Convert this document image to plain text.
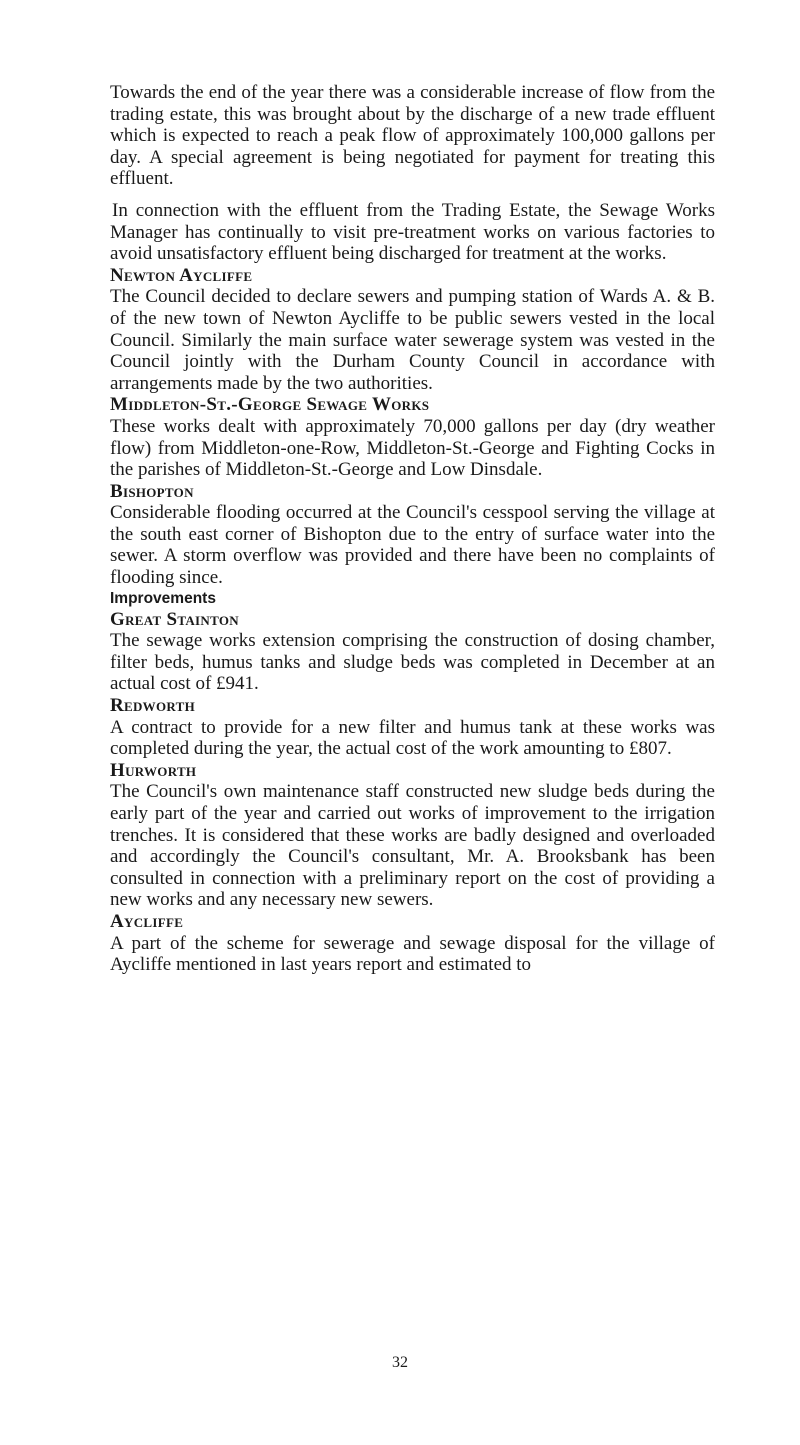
Towards the end of the year there was a considerable increase of flow from the trading estate, this was brought about by the discharge of a new trade effluent which is expected to reach a peak flow of approximately 100,000 gallons per day. A special agreement is being negotiated for payment for treating this effluent.

In connection with the effluent from the Trading Estate, the Sewage Works Manager has continually to visit pre-treatment works on various factories to avoid unsatisfactory effluent being discharged for treatment at the works.

Newton Aycliffe

The Council decided to declare sewers and pumping station of Wards A. & B. of the new town of Newton Aycliffe to be public sewers vested in the local Council. Similarly the main surface water sewerage system was vested in the Council jointly with the Durham County Council in accordance with arrangements made by the two authorities.

Middleton-St.-George Sewage Works

These works dealt with approximately 70,000 gallons per day (dry weather flow) from Middleton-one-Row, Middleton-St.-George and Fighting Cocks in the parishes of Middleton-St.-George and Low Dinsdale.

Bishopton

Considerable flooding occurred at the Council's cesspool serving the village at the south east corner of Bishopton due to the entry of surface water into the sewer. A storm overflow was provided and there have been no complaints of flooding since.

Improvements
Great Stainton

The sewage works extension comprising the construction of dosing chamber, filter beds, humus tanks and sludge beds was completed in December at an actual cost of £941.

Redworth

A contract to provide for a new filter and humus tank at these works was completed during the year, the actual cost of the work amounting to £807.

Hurworth

The Council's own maintenance staff constructed new sludge beds during the early part of the year and carried out works of improvement to the irrigation trenches. It is considered that these works are badly designed and overloaded and accordingly the Council's consultant, Mr. A. Brooksbank has been consulted in connection with a preliminary report on the cost of providing a new works and any necessary new sewers.

Aycliffe

A part of the scheme for sewerage and sewage disposal for the village of Aycliffe mentioned in last years report and estimated to

32
